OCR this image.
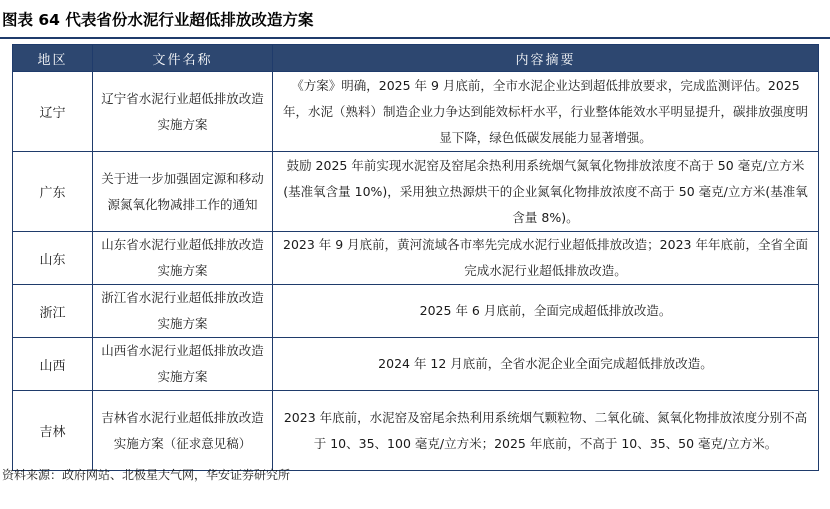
图表 64 代表省份水泥行业超低排放改造方案
地区	文件名称	内容摘要
辽宁	辽宁省水泥行业超低排放改造实施方案	《方案》明确，2025 年 9 月底前，全市水泥企业达到超低排放要求，完成监测评估。2025 年，水泥（熟料）制造企业力争达到能效标杆水平，行业整体能效水平明显提升，碳排放强度明显下降，绿色低碳发展能力显著增强。
广东	关于进一步加强固定源和移动源氮氧化物减排工作的通知	鼓励 2025 年前实现水泥窑及窑尾余热利用系统烟气氮氧化物排放浓度不高于 50 毫克/立方米(基准氧含量 10%)，采用独立热源烘干的企业氮氧化物排放浓度不高于 50 毫克/立方米(基准氧含量 8%)。
山东	山东省水泥行业超低排放改造实施方案	2023 年 9 月底前，黄河流域各市率先完成水泥行业超低排放改造；2023 年年底前，全省全面完成水泥行业超低排放改造。
浙江	浙江省水泥行业超低排放改造实施方案	2025 年 6 月底前，全面完成超低排放改造。
山西	山西省水泥行业超低排放改造实施方案	2024 年 12 月底前，全省水泥企业全面完成超低排放改造。
吉林	吉林省水泥行业超低排放改造实施方案（征求意见稿）	2023 年底前，水泥窑及窑尾余热利用系统烟气颗粒物、二氧化硫、氮氧化物排放浓度分别不高于 10、35、100 毫克/立方米；2025 年底前，不高于 10、35、50 毫克/立方米。
资料来源：政府网站、北极星大气网，华安证券研究所
